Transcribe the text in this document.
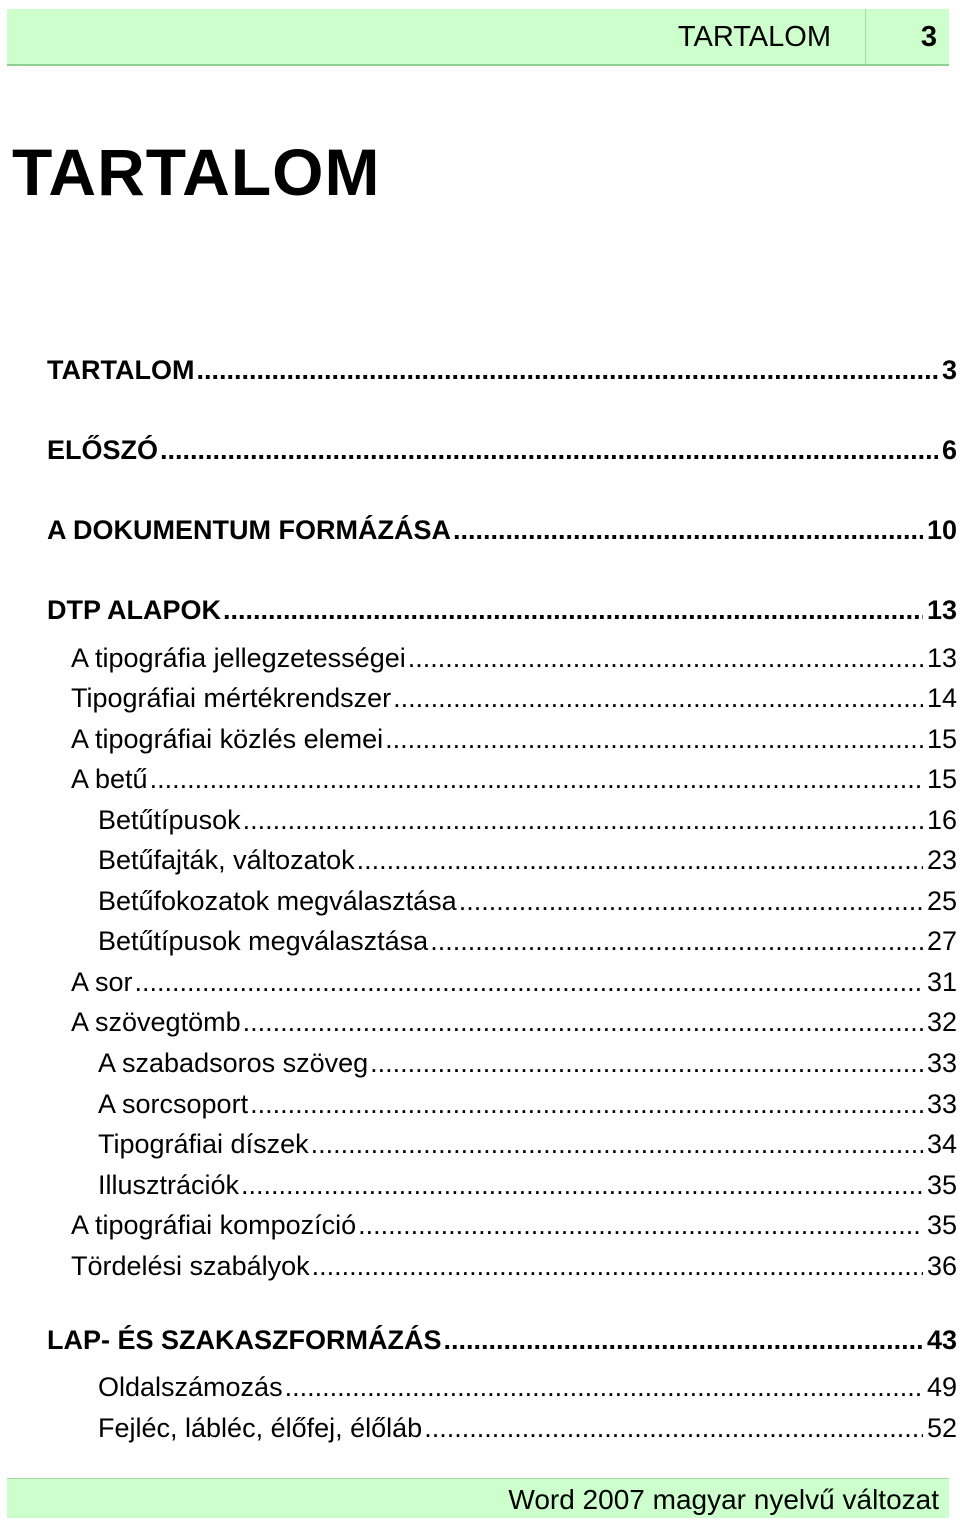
TARTALOM	3
TARTALOM
TARTALOM .....	3
ELŐSZÓ .....	6
A DOKUMENTUM FORMÁZÁSA .....	10
DTP ALAPOK .....	13
A tipográfia jellegzetességei .....	13
Tipográfiai mértékrendszer .....	14
A tipográfiai közlés elemei .....	15
A betű .....	15
Betűtípusok .....	16
Betűfajták, változatok .....	23
Betűfokozatok megválasztása .....	25
Betűtípusok megválasztása .....	27
A sor .....	31
A szövegtömb .....	32
A szabadsoros szöveg .....	33
A sorcsoport .....	33
Tipográfiai díszek .....	34
Illusztrációk .....	35
A tipográfiai kompozíció .....	35
Tördelési szabályok .....	36
LAP- ÉS SZAKASZFORMÁZÁS .....	43
Oldalszámozás .....	49
Fejléc, lábléc, élőfej, élőláb .....	52
Word 2007 magyar nyelvű változat
